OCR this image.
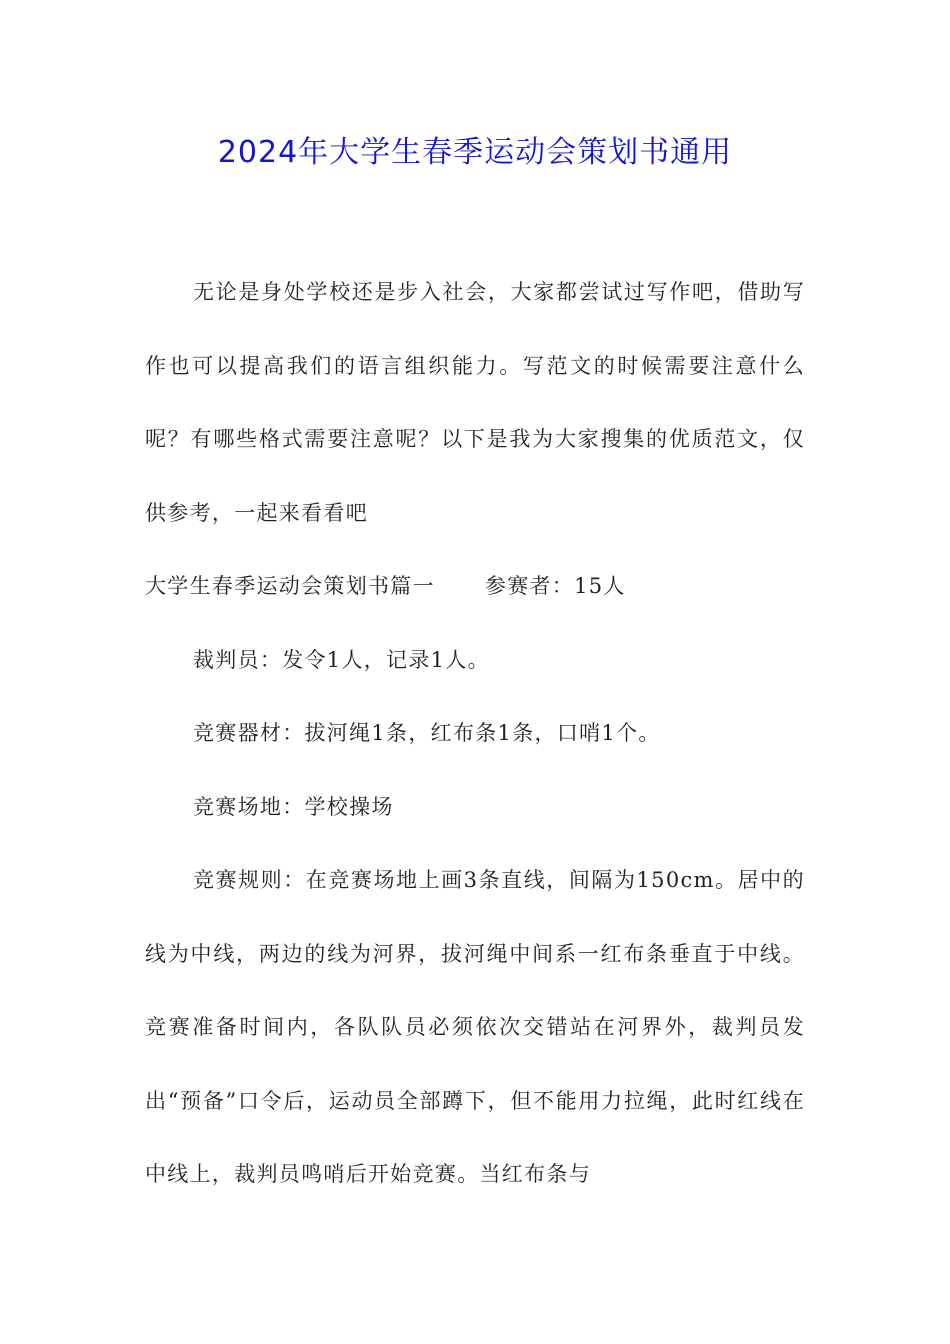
2024年大学生春季运动会策划书通用

无论是身处学校还是步入社会，大家都尝试过写作吧，借助写作也可以提高我们的语言组织能力。写范文的时候需要注意什么呢？有哪些格式需要注意呢？以下是我为大家搜集的优质范文，仅供参考，一起来看看吧

大学生春季运动会策划书篇一 参赛者：15人

裁判员：发令1人，记录1人。

竞赛器材：拔河绳1条，红布条1条，口哨1个。

竞赛场地：学校操场

竞赛规则：在竞赛场地上画3条直线，间隔为150cm。居中的线为中线，两边的线为河界，拔河绳中间系一红布条垂直于中线。竞赛准备时间内，各队队员必须依次交错站在河界外，裁判员发出“预备”口令后，运动员全部蹲下，但不能用力拉绳，此时红线在中线上，裁判员鸣哨后开始竞赛。当红布条与
